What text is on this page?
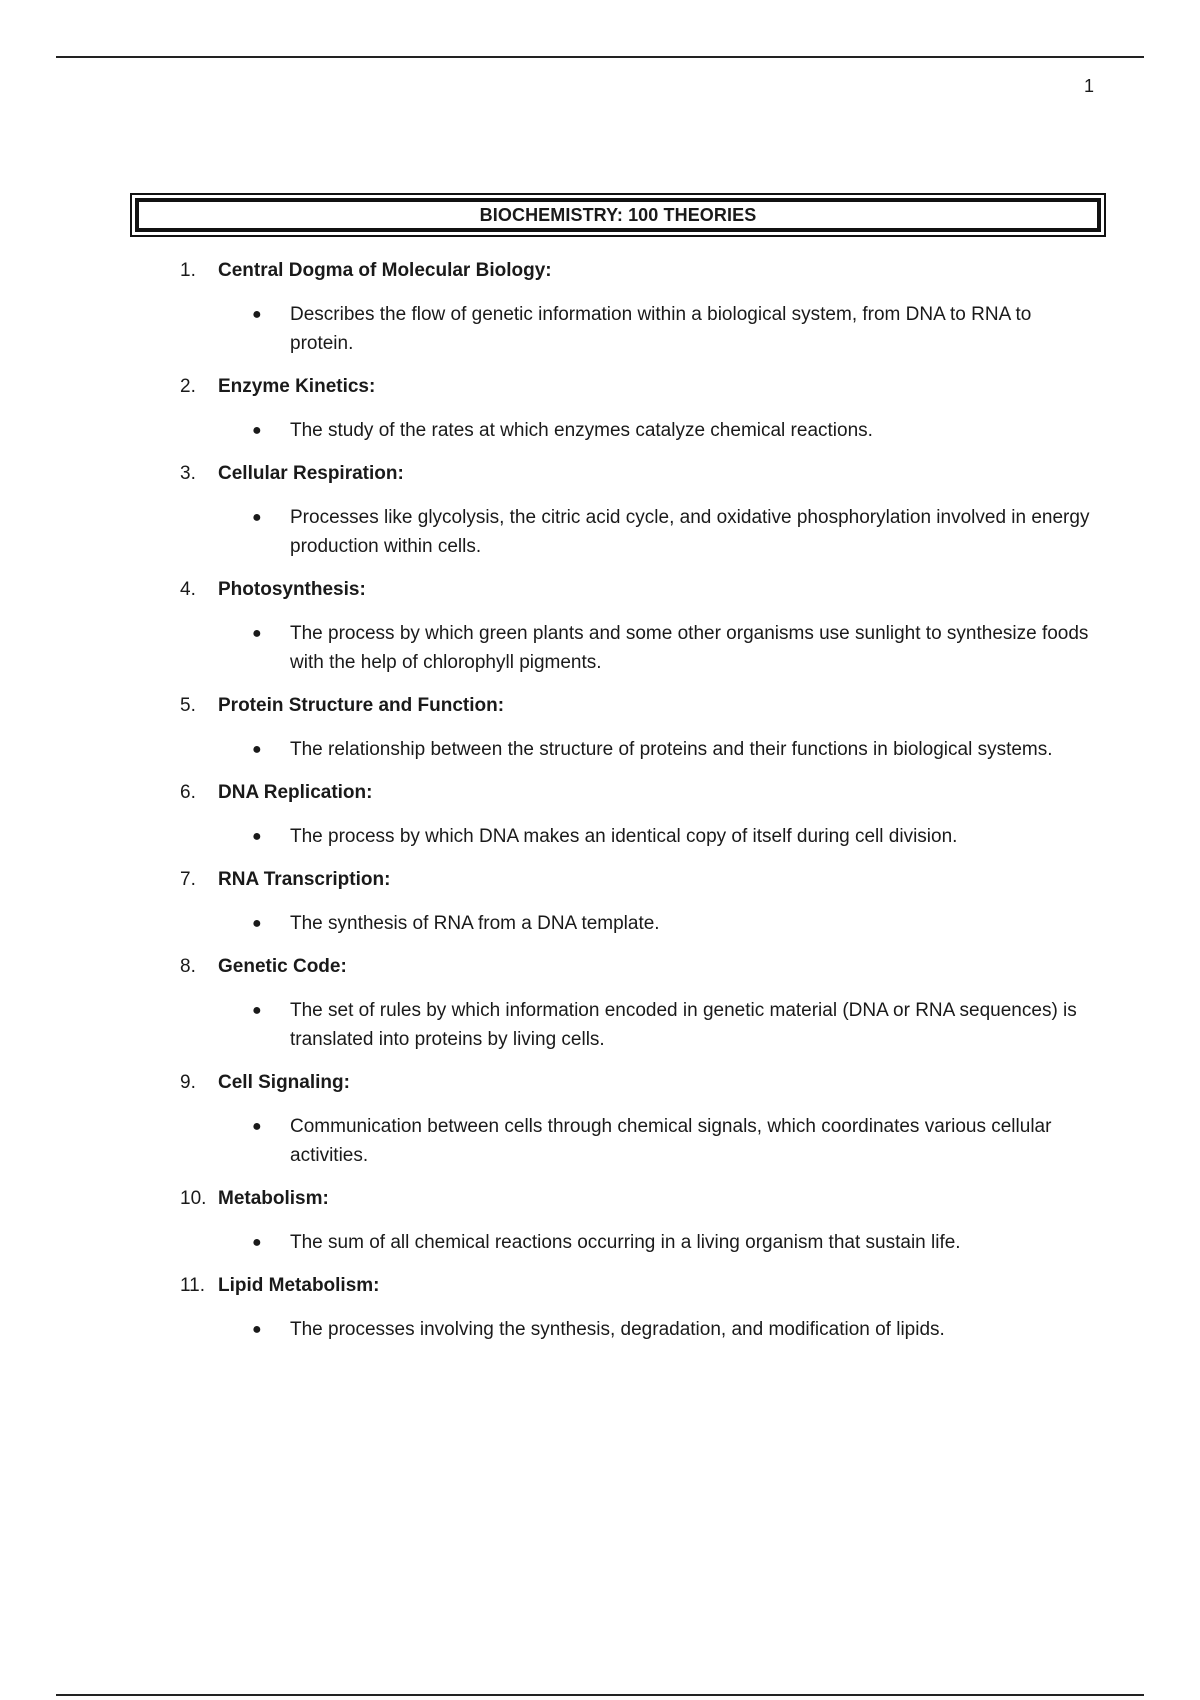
1
BIOCHEMISTRY: 100 THEORIES
1.	Central Dogma of Molecular Biology:
● Describes the flow of genetic information within a biological system, from DNA to RNA to protein.
2.	Enzyme Kinetics:
● The study of the rates at which enzymes catalyze chemical reactions.
3.	Cellular Respiration:
● Processes like glycolysis, the citric acid cycle, and oxidative phosphorylation involved in energy production within cells.
4.	Photosynthesis:
● The process by which green plants and some other organisms use sunlight to synthesize foods with the help of chlorophyll pigments.
5.	Protein Structure and Function:
● The relationship between the structure of proteins and their functions in biological systems.
6.	DNA Replication:
● The process by which DNA makes an identical copy of itself during cell division.
7.	RNA Transcription:
● The synthesis of RNA from a DNA template.
8.	Genetic Code:
● The set of rules by which information encoded in genetic material (DNA or RNA sequences) is translated into proteins by living cells.
9.	Cell Signaling:
● Communication between cells through chemical signals, which coordinates various cellular activities.
10. Metabolism:
● The sum of all chemical reactions occurring in a living organism that sustain life.
11. Lipid Metabolism:
● The processes involving the synthesis, degradation, and modification of lipids.
